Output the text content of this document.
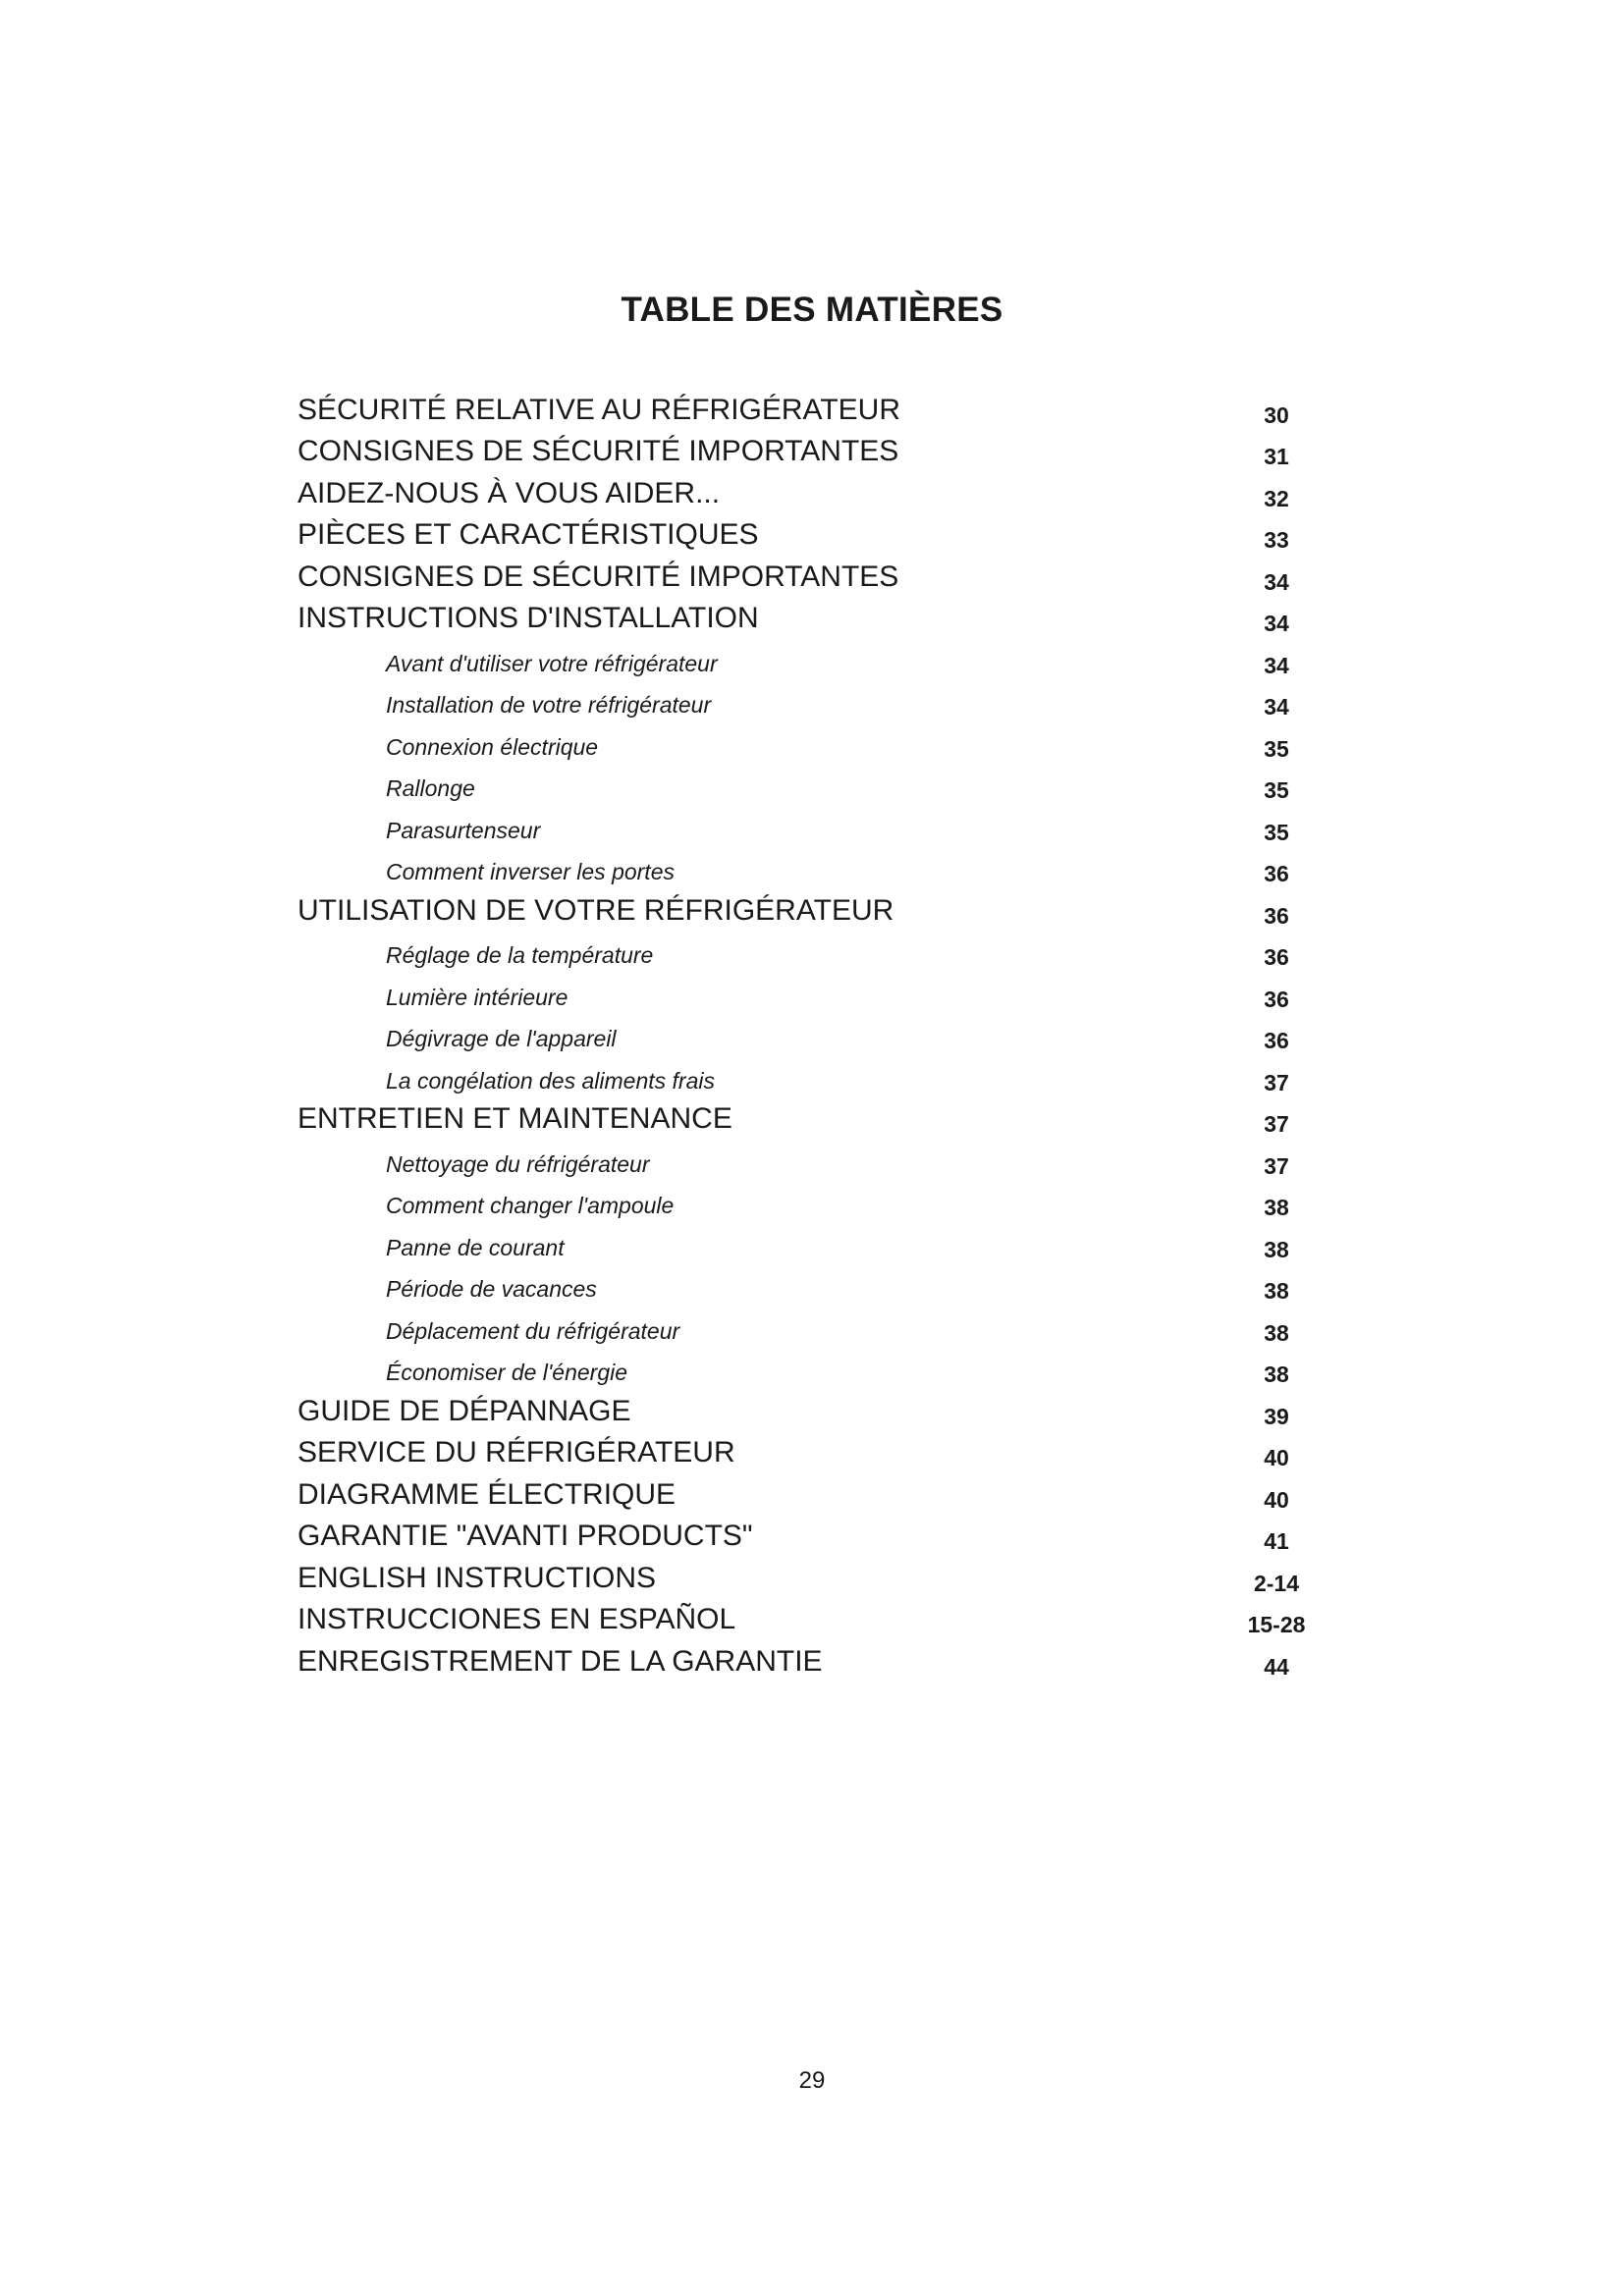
TABLE DES MATIÈRES
SÉCURITÉ RELATIVE AU RÉFRIGÉRATEUR	30
CONSIGNES DE SÉCURITÉ IMPORTANTES	31
AIDEZ-NOUS À VOUS AIDER...	32
PIÈCES ET CARACTÉRISTIQUES	33
CONSIGNES DE SÉCURITÉ IMPORTANTES	34
INSTRUCTIONS D'INSTALLATION	34
Avant d'utiliser votre réfrigérateur	34
Installation de votre réfrigérateur	34
Connexion électrique	35
Rallonge	35
Parasurtenseur	35
Comment inverser les portes	36
UTILISATION DE VOTRE RÉFRIGÉRATEUR	36
Réglage de la température	36
Lumière intérieure	36
Dégivrage de l'appareil	36
La congélation des aliments frais	37
ENTRETIEN ET MAINTENANCE	37
Nettoyage du réfrigérateur	37
Comment changer l'ampoule	38
Panne de courant	38
Période de vacances	38
Déplacement du réfrigérateur	38
Économiser de l'énergie	38
GUIDE DE DÉPANNAGE	39
SERVICE DU RÉFRIGÉRATEUR	40
DIAGRAMME ÉLECTRIQUE	40
GARANTIE "AVANTI PRODUCTS"	41
ENGLISH INSTRUCTIONS	2-14
INSTRUCCIONES EN ESPAÑOL	15-28
ENREGISTREMENT DE LA GARANTIE	44
29
